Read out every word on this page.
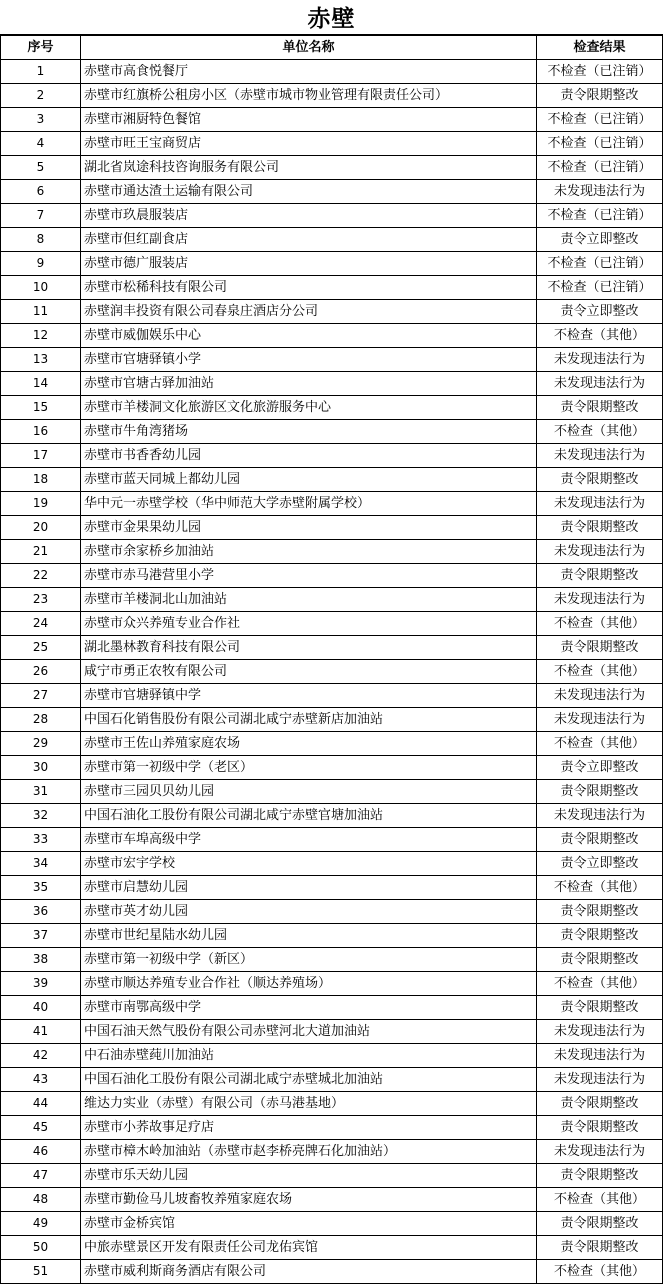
赤壁
序号	单位名称	检查结果
1	赤壁市高食悦餐厅	不检查（已注销）
2	赤壁市红旗桥公租房小区（赤壁市城市物业管理有限责任公司）	责令限期整改
3	赤壁市湘厨特色餐馆	不检查（已注销）
4	赤壁市旺王宝商贸店	不检查（已注销）
5	湖北省岚途科技咨询服务有限公司	不检查（已注销）
6	赤壁市通达渣土运输有限公司	未发现违法行为
7	赤壁市玖晨服装店	不检查（已注销）
8	赤壁市但红副食店	责令立即整改
9	赤壁市德广服装店	不检查（已注销）
10	赤壁市松稀科技有限公司	不检查（已注销）
11	赤壁润丰投资有限公司春泉庄酒店分公司	责令立即整改
12	赤壁市威伽娱乐中心	不检查（其他）
13	赤壁市官塘驿镇小学	未发现违法行为
14	赤壁市官塘古驿加油站	未发现违法行为
15	赤壁市羊楼洞文化旅游区文化旅游服务中心	责令限期整改
16	赤壁市牛角湾猪场	不检查（其他）
17	赤壁市书香香幼儿园	未发现违法行为
18	赤壁市蓝天同城上都幼儿园	责令限期整改
19	华中元一赤壁学校（华中师范大学赤壁附属学校）	未发现违法行为
20	赤壁市金果果幼儿园	责令限期整改
21	赤壁市余家桥乡加油站	未发现违法行为
22	赤壁市赤马港营里小学	责令限期整改
23	赤壁市羊楼洞北山加油站	未发现违法行为
24	赤壁市众兴养殖专业合作社	不检查（其他）
25	湖北墨林教育科技有限公司	责令限期整改
26	咸宁市勇正农牧有限公司	不检查（其他）
27	赤壁市官塘驿镇中学	未发现违法行为
28	中国石化销售股份有限公司湖北咸宁赤壁新店加油站	未发现违法行为
29	赤壁市王佐山养殖家庭农场	不检查（其他）
30	赤壁市第一初级中学（老区）	责令立即整改
31	赤壁市三园贝贝幼儿园	责令限期整改
32	中国石油化工股份有限公司湖北咸宁赤壁官塘加油站	未发现违法行为
33	赤壁市车埠高级中学	责令限期整改
34	赤壁市宏宇学校	责令立即整改
35	赤壁市启慧幼儿园	不检查（其他）
36	赤壁市英才幼儿园	责令限期整改
37	赤壁市世纪星陆水幼儿园	责令限期整改
38	赤壁市第一初级中学（新区）	责令限期整改
39	赤壁市顺达养殖专业合作社（顺达养殖场）	不检查（其他）
40	赤壁市南鄂高级中学	责令限期整改
41	中国石油天然气股份有限公司赤壁河北大道加油站	未发现违法行为
42	中石油赤壁莼川加油站	未发现违法行为
43	中国石油化工股份有限公司湖北咸宁赤壁城北加油站	未发现违法行为
44	维达力实业（赤壁）有限公司（赤马港基地）	责令限期整改
45	赤壁市小荞故事足疗店	责令限期整改
46	赤壁市樟木岭加油站（赤壁市赵李桥亮牌石化加油站）	未发现违法行为
47	赤壁市乐天幼儿园	责令限期整改
48	赤壁市勤俭马儿坡畜牧养殖家庭农场	不检查（其他）
49	赤壁市金桥宾馆	责令限期整改
50	中旅赤壁景区开发有限责任公司龙佑宾馆	责令限期整改
51	赤壁市威利斯商务酒店有限公司	不检查（其他）
